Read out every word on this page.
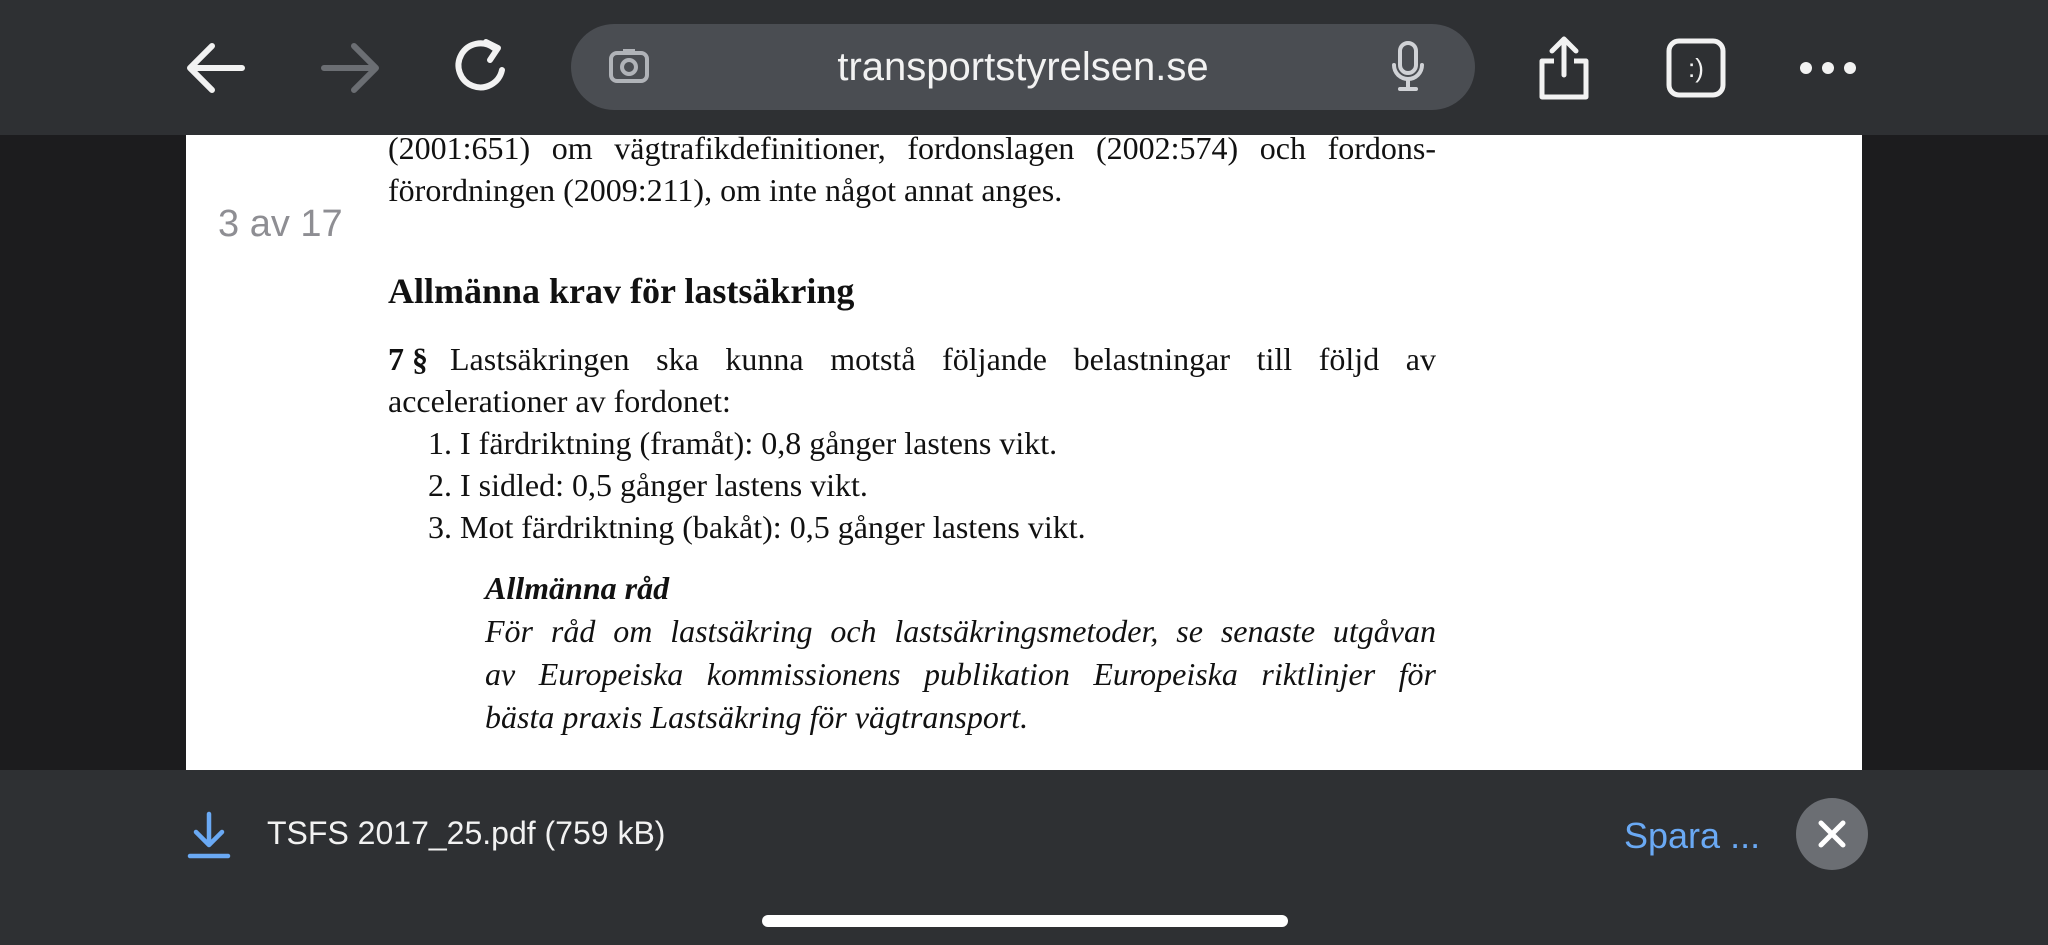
transportstyrelsen.se	:)
(2001:651) om vägtrafikdefinitioner, fordonslagen (2002:574) och fordons-
förordningen (2009:211), om inte något annat anges.
3 av 17
Allmänna krav för lastsäkring
7 § Lastsäkringen ska kunna motstå följande belastningar till följd av
accelerationer av fordonet:
1. I färdriktning (framåt): 0,8 gånger lastens vikt.
2. I sidled: 0,5 gånger lastens vikt.
3. Mot färdriktning (bakåt): 0,5 gånger lastens vikt.
Allmänna råd
För råd om lastsäkring och lastsäkringsmetoder, se senaste utgåvan
av Europeiska kommissionens publikation Europeiska riktlinjer för
bästa praxis Lastsäkring för vägtransport.
TSFS 2017_25.pdf (759 kB)	Spara ...
